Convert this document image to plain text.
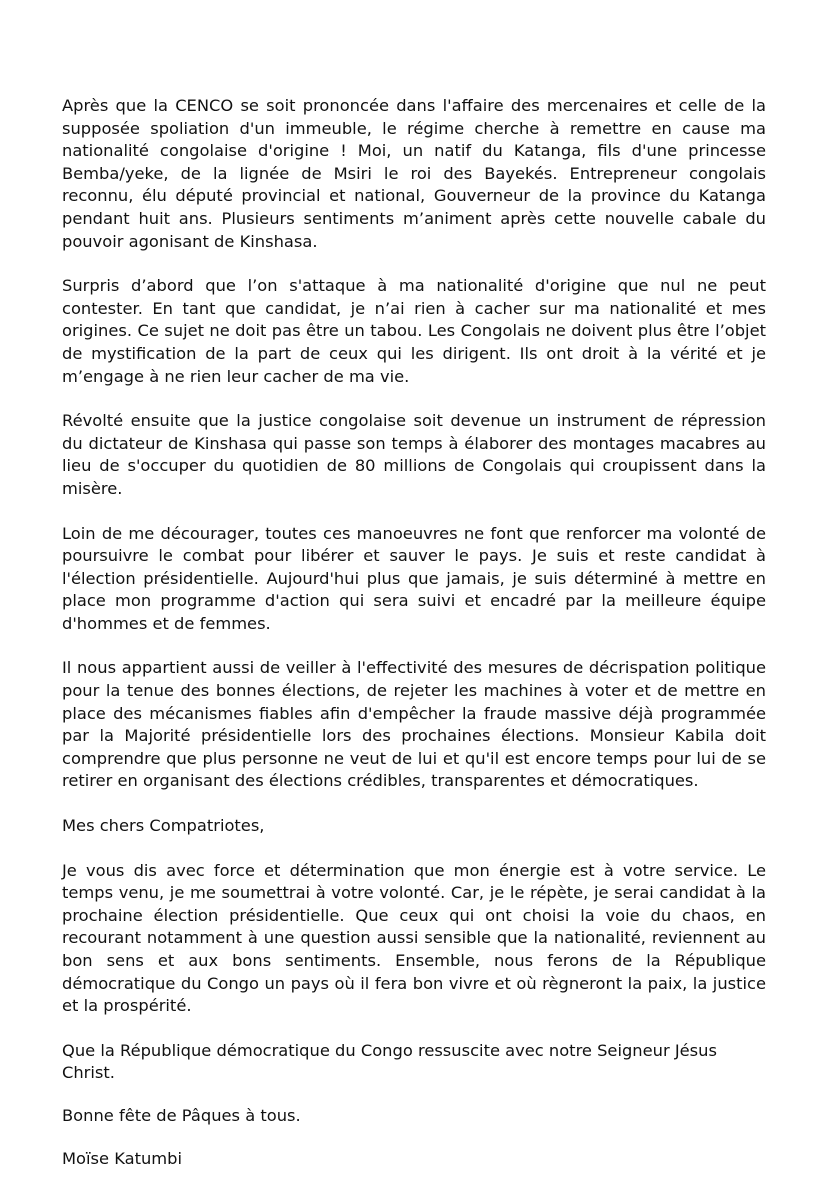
Après que la CENCO se soit prononcée dans l'affaire des mercenaires et celle de la supposée spoliation d'un immeuble, le régime cherche à remettre en cause ma nationalité congolaise d'origine ! Moi, un natif du Katanga, fils d'une princesse Bemba/yeke, de la lignée de Msiri le roi des Bayekés. Entrepreneur congolais reconnu, élu député provincial et national, Gouverneur de la province du Katanga pendant huit ans. Plusieurs sentiments m’animent après cette nouvelle cabale du pouvoir agonisant de Kinshasa.

Surpris d’abord que l’on s'attaque à ma nationalité d'origine que nul ne peut contester. En tant que candidat, je n’ai rien à cacher sur ma nationalité et mes origines. Ce sujet ne doit pas être un tabou. Les Congolais ne doivent plus être l’objet de mystification de la part de ceux qui les dirigent. Ils ont droit à la vérité et je m’engage à ne rien leur cacher de ma vie.

Révolté ensuite que la justice congolaise soit devenue un instrument de répression du dictateur de Kinshasa qui passe son temps à élaborer des montages macabres au lieu de s'occuper du quotidien de 80 millions de Congolais qui croupissent dans la misère.

Loin de me décourager, toutes ces manoeuvres ne font que renforcer ma volonté de poursuivre le combat pour libérer et sauver le pays. Je suis et reste candidat à l'élection présidentielle. Aujourd'hui plus que jamais, je suis déterminé à mettre en place mon programme d'action qui sera suivi et encadré par la meilleure équipe d'hommes et de femmes.

Il nous appartient aussi de veiller à l'effectivité des mesures de décrispation politique pour la tenue des bonnes élections, de rejeter les machines à voter et de mettre en place des mécanismes fiables afin d'empêcher la fraude massive déjà programmée par la Majorité présidentielle lors des prochaines élections. Monsieur Kabila doit comprendre que plus personne ne veut de lui et qu'il est encore temps pour lui de se retirer en organisant des élections crédibles, transparentes et démocratiques.

Mes chers Compatriotes,

Je vous dis avec force et détermination que mon énergie est à votre service. Le temps venu, je me soumettrai à votre volonté. Car, je le répète, je serai candidat à la prochaine élection présidentielle. Que ceux qui ont choisi la voie du chaos, en recourant notamment à une question aussi sensible que la nationalité, reviennent au bon sens et aux bons sentiments. Ensemble, nous ferons de la République démocratique du Congo un pays où il fera bon vivre et où règneront la paix, la justice et la prospérité.

Que la République démocratique du Congo ressuscite avec notre Seigneur Jésus Christ.

Bonne fête de Pâques à tous.

Moïse Katumbi
